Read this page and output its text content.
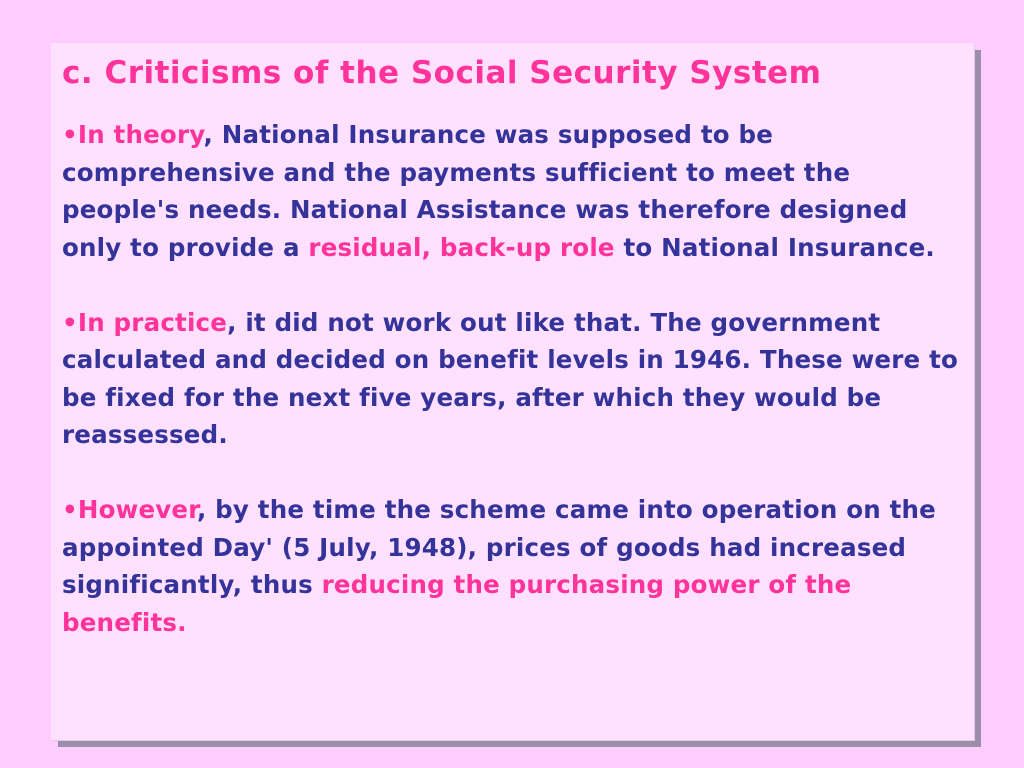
c. Criticisms of the Social Security System

•In theory, National Insurance was supposed to be comprehensive and the payments sufficient to meet the people's needs. National Assistance was therefore designed only to provide a residual, back-up role to National Insurance.

•In practice, it did not work out like that. The government calculated and decided on benefit levels in 1946. These were to be fixed for the next five years, after which they would be reassessed.

•However, by the time the scheme came into operation on the appointed Day' (5 July, 1948), prices of goods had increased significantly, thus reducing the purchasing power of the benefits.
